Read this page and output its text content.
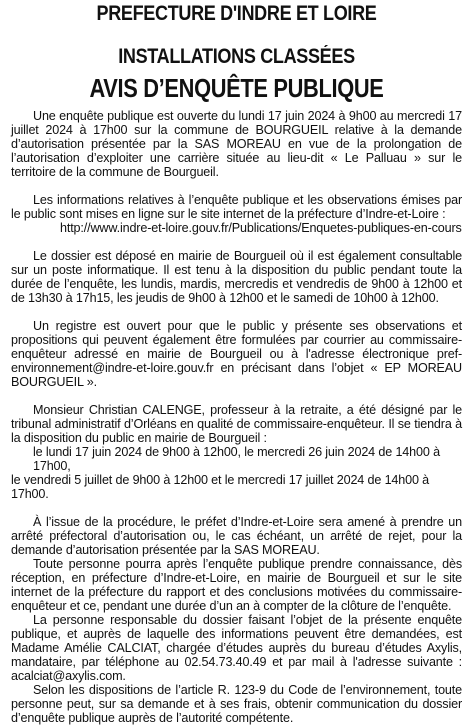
PREFECTURE D'INDRE ET LOIRE
INSTALLATIONS CLASSÉES
AVIS D’ENQUÊTE PUBLIQUE

Une enquête publique est ouverte du lundi 17 juin 2024 à 9h00 au mercredi 17 juillet 2024 à 17h00 sur la commune de BOURGUEIL relative à la demande d’autorisation présentée par la SAS MOREAU en vue de la prolongation de l’autorisation d’exploiter une carrière située au lieu-dit « Le Palluau » sur le territoire de la commune de Bourgueil.

Les informations relatives à l’enquête publique et les observations émises par le public sont mises en ligne sur le site internet de la préfecture d’Indre-et-Loire :

http://www.indre-et-loire.gouv.fr/Publications/Enquetes-publiques-en-cours

Le dossier est déposé en mairie de Bourgueil où il est également consultable sur un poste informatique. Il est tenu à la disposition du public pendant toute la durée de l’enquête, les lundis, mardis, mercredis et vendredis de 9h00 à 12h00 et de 13h30 à 17h15, les jeudis de 9h00 à 12h00 et le samedi de 10h00 à 12h00.

Un registre est ouvert pour que le public y présente ses observations et propositions qui peuvent également être formulées par courrier au commissaire-enquêteur adressé en mairie de Bourgueil ou à l'adresse électronique pref-environnement@indre-et-loire.gouv.fr en précisant dans l’objet « EP MOREAU BOURGUEIL ».

Monsieur Christian CALENGE, professeur à la retraite, a été désigné par le tribunal administratif d’Orléans en qualité de commissaire-enquêteur. Il se tiendra à la disposition du public en mairie de Bourgueil :

le lundi 17 juin 2024 de 9h00 à 12h00, le mercredi 26 juin 2024 de 14h00 à 17h00,

le vendredi 5 juillet de 9h00 à 12h00 et le mercredi 17 juillet 2024 de 14h00 à 17h00.

À l’issue de la procédure, le préfet d’Indre-et-Loire sera amené à prendre un arrêté préfectoral d’autorisation ou, le cas échéant, un arrêté de rejet, pour la demande d’autorisation présentée par la SAS MOREAU.

Toute personne pourra après l’enquête publique prendre connaissance, dès réception, en préfecture d’Indre-et-Loire, en mairie de Bourgueil et sur le site internet de la préfecture du rapport et des conclusions motivées du commissaire-enquêteur et ce, pendant une durée d’un an à compter de la clôture de l’enquête.

La personne responsable du dossier faisant l’objet de la présente enquête publique, et auprès de laquelle des informations peuvent être demandées, est Madame Amélie CALCIAT, chargée d’études auprès du bureau d’études Axylis, mandataire, par téléphone au 02.54.73.40.49 et par mail à l'adresse suivante : acalciat@axylis.com.

Selon les dispositions de l’article R. 123-9 du Code de l’environnement, toute personne peut, sur sa demande et à ses frais, obtenir communication du dossier d’enquête publique auprès de l’autorité compétente.
